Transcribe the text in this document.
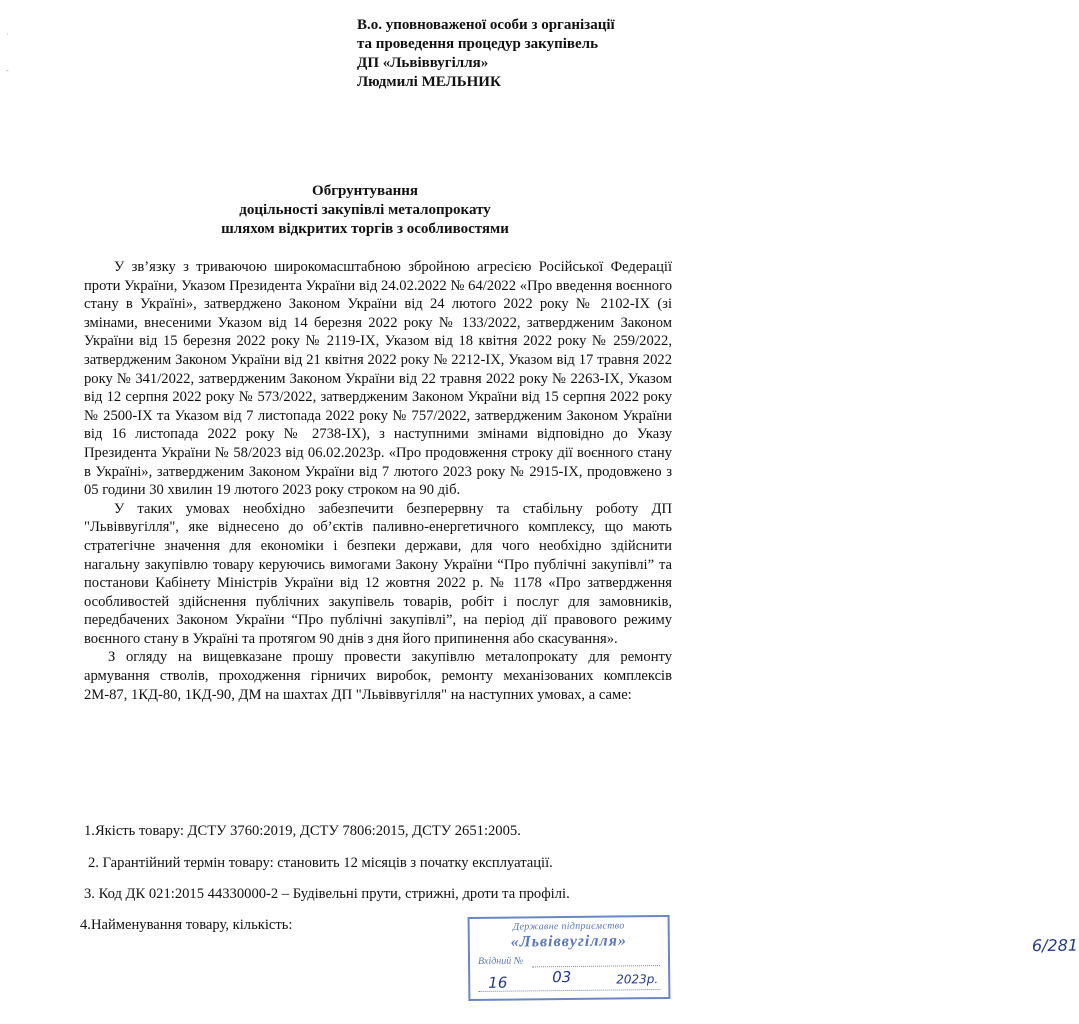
·
-
В.о. уповноваженої особи з організації
та проведення процедур закупівель
ДП «Львіввугілля»
Людмилі МЕЛЬНИК
Обгрунтування
доцільності закупівлі металопрокату
шляхом відкритих торгів з особливостями

У зв’язку з триваючою широкомасштабною збройною агресією Російської Федерації проти України, Указом Президента України від 24.02.2022 № 64/2022 «Про введення воєнного стану в Україні», затверджено Законом України від 24 лютого 2022 року № 2102-IX (зі змінами, внесеними Указом від 14 березня 2022 року № 133/2022, затвердженим Законом України від 15 березня 2022 року № 2119-IX, Указом від 18 квітня 2022 року № 259/2022, затвердженим Законом України від 21 квітня 2022 року № 2212-IX, Указом від 17 травня 2022 року № 341/2022, затвердженим Законом України від 22 травня 2022 року № 2263-IX, Указом від 12 серпня 2022 року № 573/2022, затвердженим Законом України від 15 серпня 2022 року № 2500-IX та Указом від 7 листопада 2022 року № 757/2022, затвердженим Законом України від 16 листопада 2022 року № 2738-IX), з наступними змінами відповідно до Указу Президента України № 58/2023 від 06.02.2023р. «Про продовження строку дії воєнного стану в Україні», затвердженим Законом України від 7 лютого 2023 року № 2915-IX, продовжено з 05 години 30 хвилин 19 лютого 2023 року строком на 90 діб.

У таких умовах необхідно забезпечити безперервну та стабільну роботу ДП "Львіввугілля", яке віднесено до об’єктів паливно-енергетичного комплексу, що мають стратегічне значення для економіки і безпеки держави, для чого необхідно здійснити нагальну закупівлю товару керуючись вимогами Закону України “Про публічні закупівлі” та постанови Кабінету Міністрів України від 12 жовтня 2022 р. № 1178 «Про затвердження особливостей здійснення публічних закупівель товарів, робіт і послуг для замовників, передбачених Законом України “Про публічні закупівлі”, на період дії правового режиму воєнного стану в Україні та протягом 90 днів з дня його припинення або скасування».

З огляду на вищевказане прошу провести закупівлю металопрокату для ремонту армування стволів, проходження гірничих виробок, ремонту механізованих комплексів 2М-87, 1КД-80, 1КД-90, ДМ на шахтах ДП "Львіввугілля" на наступних умовах, а саме:

1.Якість товару: ДСТУ 3760:2019, ДСТУ 7806:2015, ДСТУ 2651:2005.
2. Гарантійний термін товару: становить 12 місяців з початку експлуатації.
3. Код ДК 021:2015 44330000-2 – Будівельні прути, стрижні, дроти та профілі.
4.Найменування товару, кількість:	Державне підприємство
«Львіввугілля»
Вхідний №
6/281
16	03	2023р.
